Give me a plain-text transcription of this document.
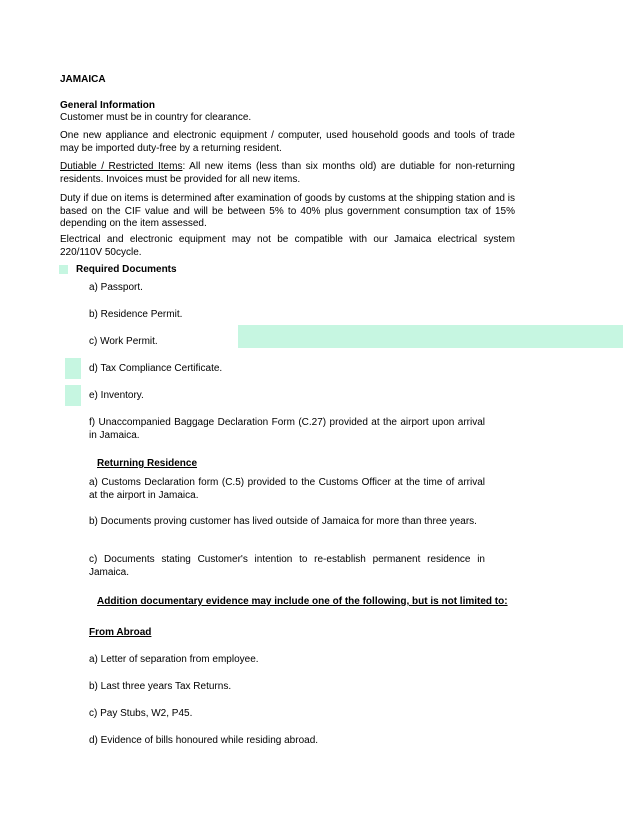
JAMAICA
General Information
Customer must be in country for clearance.
One new appliance and electronic equipment / computer, used household goods and tools of trade may be imported duty-free by a returning resident.
Dutiable / Restricted Items: All new items (less than six months old) are dutiable for non-returning residents. Invoices must be provided for all new items.
Duty if due on items is determined after examination of goods by customs at the shipping station and is based on the CIF value and will be between 5% to 40% plus government consumption tax of 15% depending on the item assessed.
Electrical and electronic equipment may not be compatible with our Jamaica electrical system 220/110V 50cycle.
Required Documents
a) Passport.
b) Residence Permit.
c) Work Permit.
d) Tax Compliance Certificate.
e) Inventory.
f) Unaccompanied Baggage Declaration Form (C.27) provided at the airport upon arrival in Jamaica.
Returning Residence
a) Customs Declaration form (C.5) provided to the Customs Officer at the time of arrival at the airport in Jamaica.
b) Documents proving customer has lived outside of Jamaica for more than three years.
c) Documents stating Customer's intention to re-establish permanent residence in Jamaica.
Addition documentary evidence may include one of the following, but is not limited to:
From Abroad
a) Letter of separation from employee.
b) Last three years Tax Returns.
c) Pay Stubs, W2, P45.
d) Evidence of bills honoured while residing abroad.
